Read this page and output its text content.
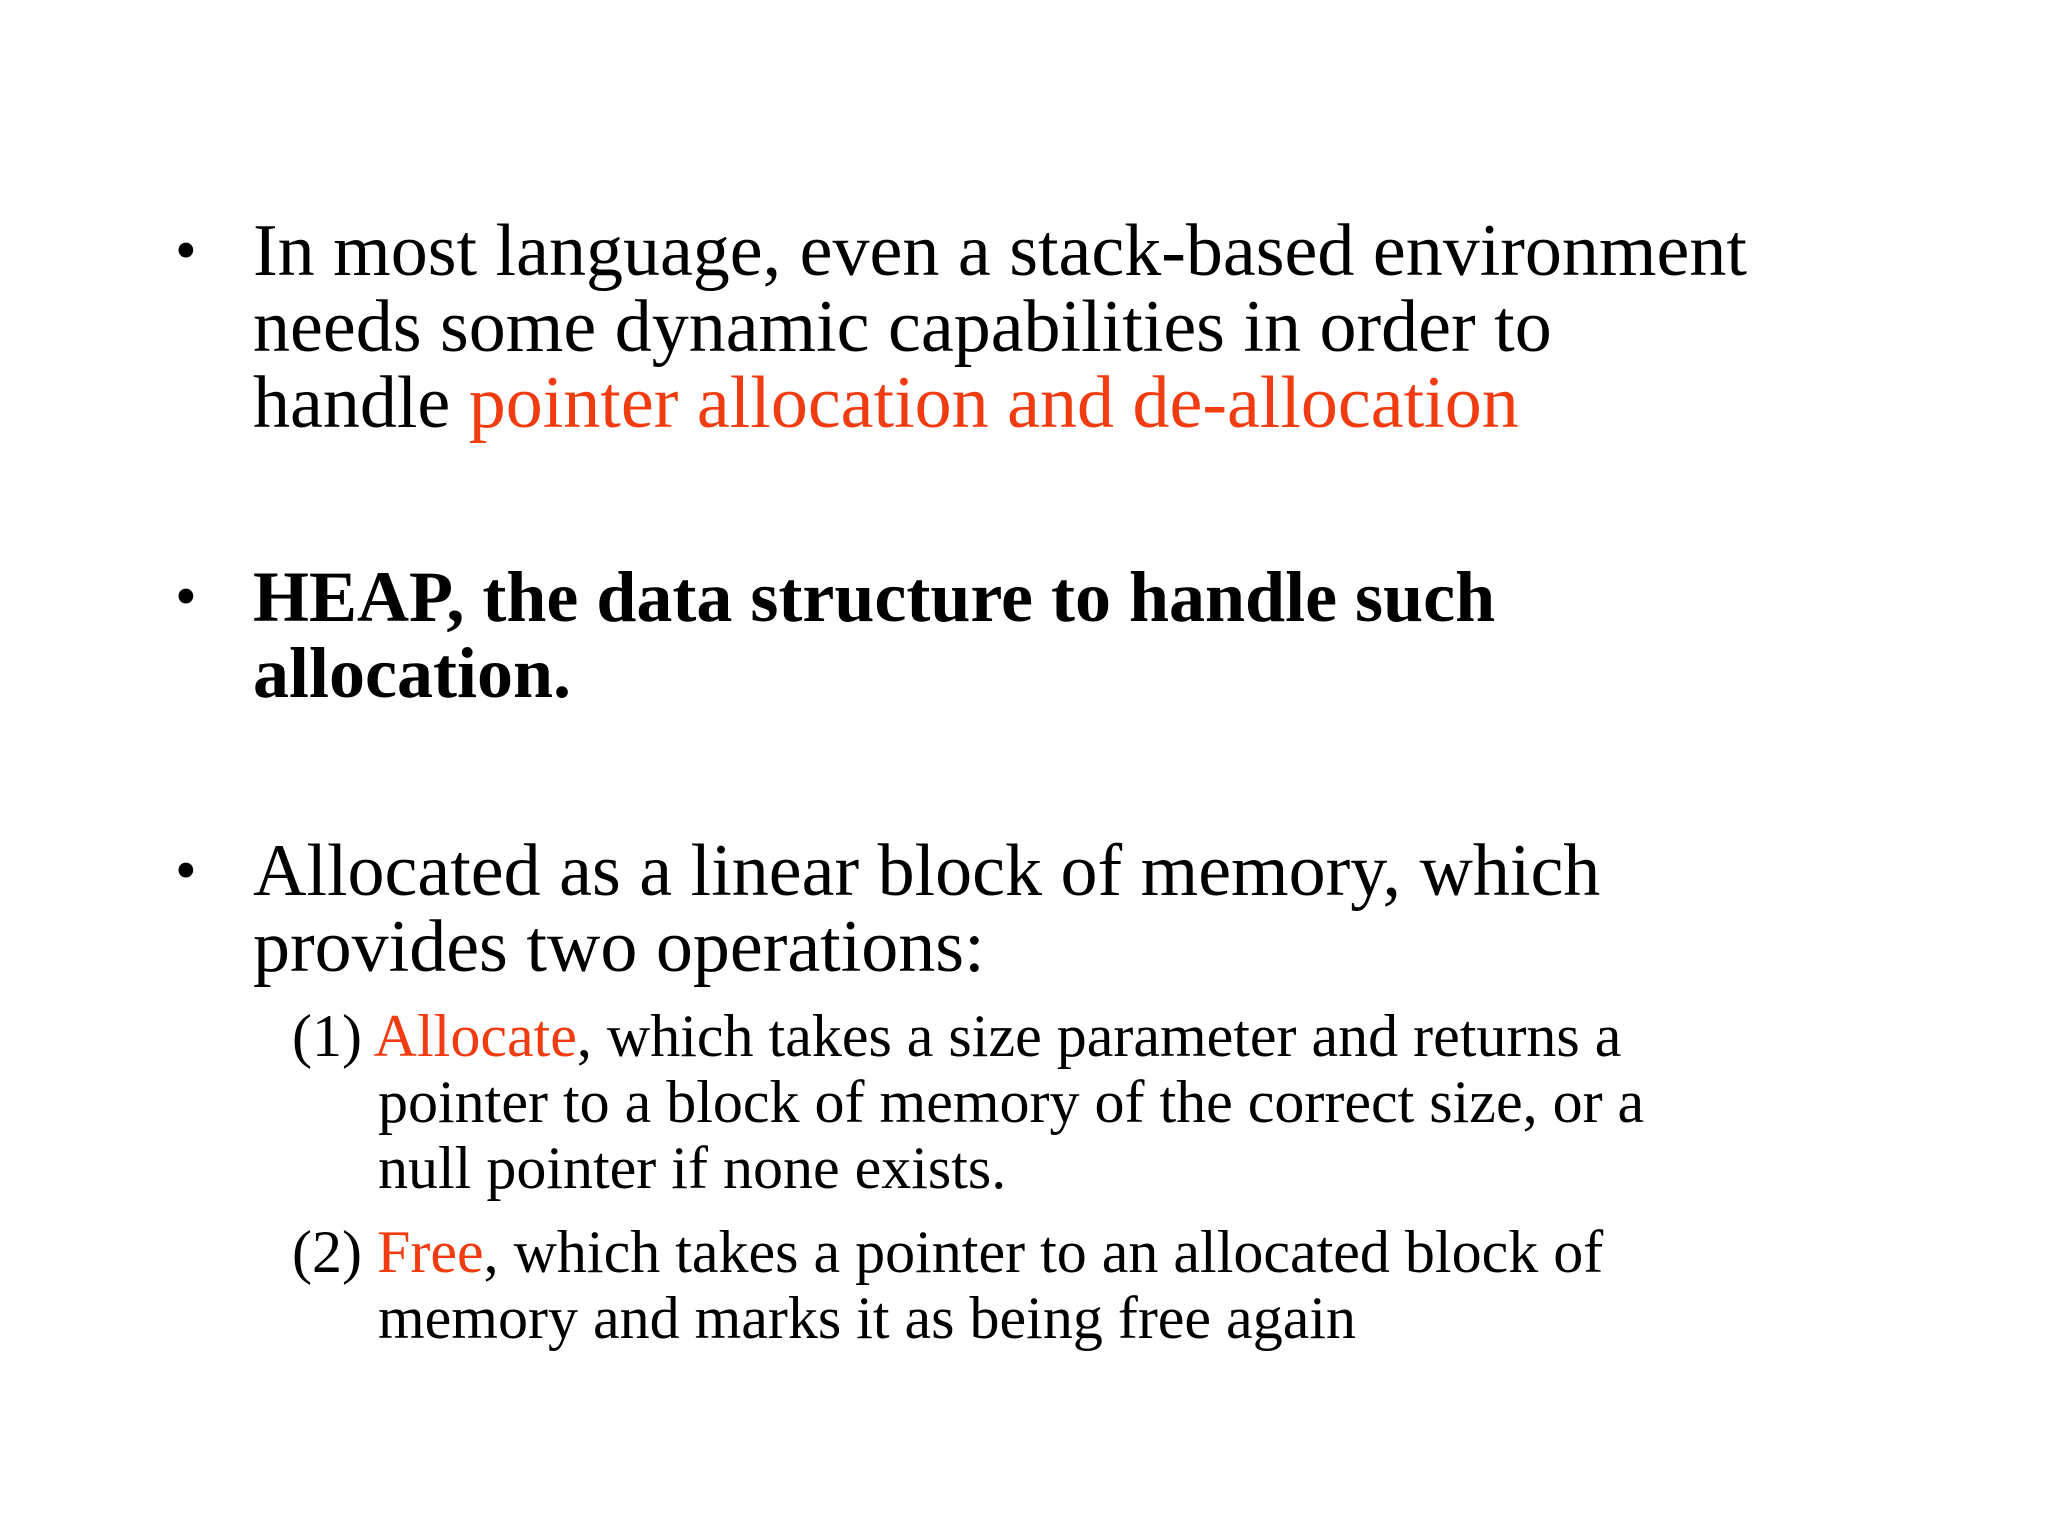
• In most language, even a stack-based environment
needs some dynamic capabilities in order to
handle pointer allocation and de-allocation
• HEAP, the data structure to handle such
allocation.
• Allocated as a linear block of memory, which
provides two operations:
(1) Allocate, which takes a size parameter and returns a
pointer to a block of memory of the correct size, or a
null pointer if none exists.
(2) Free, which takes a pointer to an allocated block of
memory and marks it as being free again
